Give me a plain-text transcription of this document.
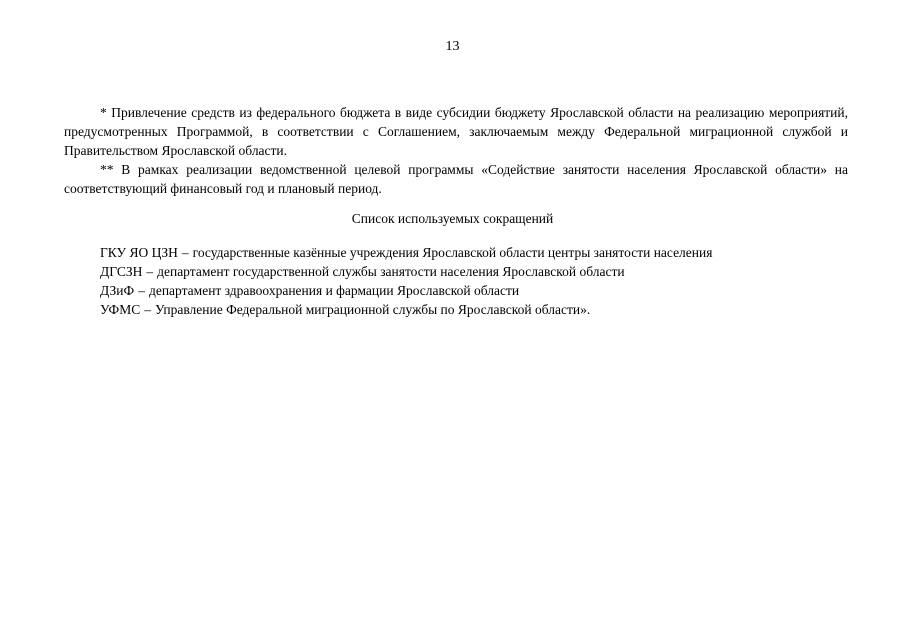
13

* Привлечение средств из федерального бюджета в виде субсидии бюджету Ярославской области на реализацию мероприятий, предусмотренных Программой, в соответствии с Соглашением, заключаемым между Федеральной миграционной службой и Правительством Ярославской области.

** В рамках реализации ведомственной целевой программы «Содействие занятости населения Ярославской области» на соответствующий финансовый год и плановый период.

Список используемых сокращений
ГКУ ЯО ЦЗН – государственные казённые учреждения Ярославской области центры занятости населения
ДГСЗН – департамент государственной службы занятости населения Ярославской области
ДЗиФ – департамент здравоохранения и фармации Ярославской области
УФМС – Управление Федеральной миграционной службы по Ярославской области».
